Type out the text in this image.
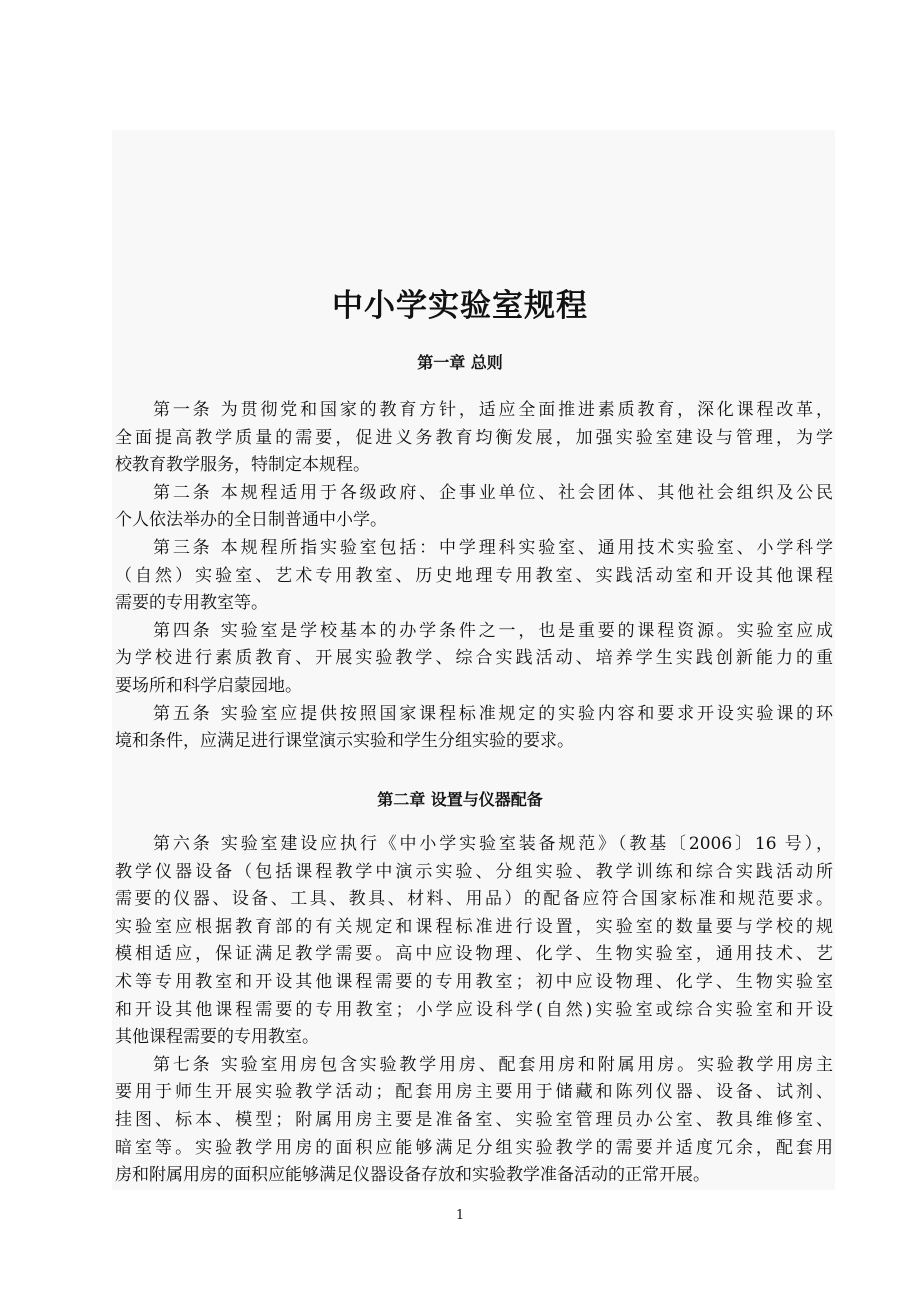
中小学实验室规程
第一章 总则
第一条 为贯彻党和国家的教育方针，适应全面推进素质教育，深化课程改革，
全面提高教学质量的需要，促进义务教育均衡发展，加强实验室建设与管理，为学
校教育教学服务，特制定本规程。
第二条 本规程适用于各级政府、企事业单位、社会团体、其他社会组织及公民
个人依法举办的全日制普通中小学。
第三条 本规程所指实验室包括：中学理科实验室、通用技术实验室、小学科学
（自然）实验室、艺术专用教室、历史地理专用教室、实践活动室和开设其他课程
需要的专用教室等。
第四条 实验室是学校基本的办学条件之一，也是重要的课程资源。实验室应成
为学校进行素质教育、开展实验教学、综合实践活动、培养学生实践创新能力的重
要场所和科学启蒙园地。
第五条 实验室应提供按照国家课程标准规定的实验内容和要求开设实验课的环
境和条件，应满足进行课堂演示实验和学生分组实验的要求。
第二章 设置与仪器配备
第六条 实验室建设应执行《中小学实验室装备规范》（教基〔2006〕16 号），
教学仪器设备（包括课程教学中演示实验、分组实验、教学训练和综合实践活动所
需要的仪器、设备、工具、教具、材料、用品）的配备应符合国家标准和规范要求。
实验室应根据教育部的有关规定和课程标准进行设置，实验室的数量要与学校的规
模相适应，保证满足教学需要。高中应设物理、化学、生物实验室，通用技术、艺
术等专用教室和开设其他课程需要的专用教室；初中应设物理、化学、生物实验室
和开设其他课程需要的专用教室；小学应设科学(自然)实验室或综合实验室和开设
其他课程需要的专用教室。
第七条 实验室用房包含实验教学用房、配套用房和附属用房。实验教学用房主
要用于师生开展实验教学活动；配套用房主要用于储藏和陈列仪器、设备、试剂、
挂图、标本、模型；附属用房主要是准备室、实验室管理员办公室、教具维修室、
暗室等。实验教学用房的面积应能够满足分组实验教学的需要并适度冗余，配套用
房和附属用房的面积应能够满足仪器设备存放和实验教学准备活动的正常开展。
1
